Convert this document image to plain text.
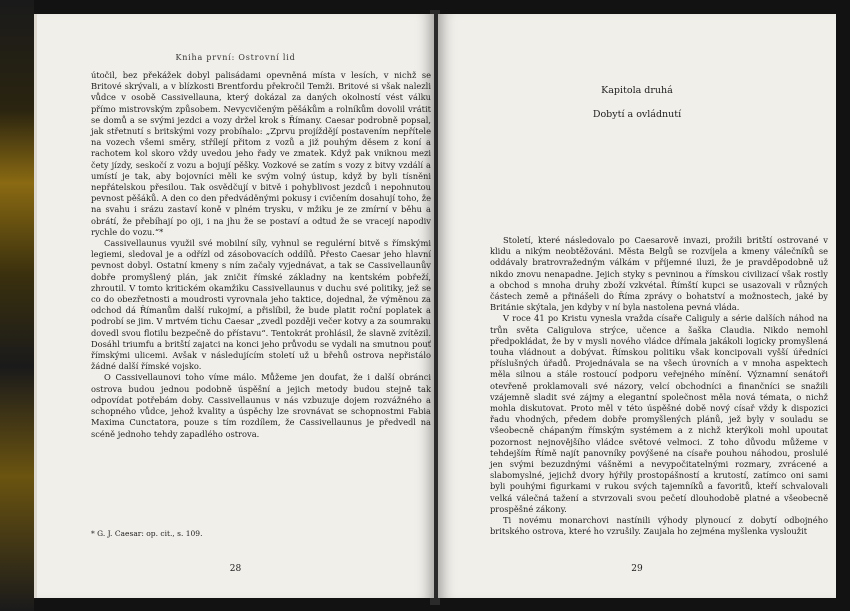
Kniha první: Ostrovní lid

útočil, bez překážek dobyl palisádami opevněná místa v lesích, v nichž se Britové skrývali, a v blízkosti Brentfordu překročil Temži. Britové si však nalezli vůdce v osobě Cassivellauna, který dokázal za daných okolností vést válku přímo mistrovským způsobem. Nevycvičeným pěšákům a rolníkům dovolil vrátit se domů a se svými jezdci a vozy držel krok s Římany. Caesar podrobně popsal, jak střetnutí s britskými vozy probíhalo: „Zprvu projíždějí postavením nepřítele na vozech všemi směry, střílejí přitom z vozů a již pouhým děsem z koní a rachotem kol skoro vždy uvedou jeho řady ve zmatek. Když pak vniknou mezi čety jízdy, seskočí z vozu a bojují pěšky. Vozkové se zatím s vozy z bitvy vzdálí a umístí je tak, aby bojovníci měli ke svým volný ústup, když by byli tísněni nepřátelskou přesilou. Tak osvědčují v bitvě i pohyblivost jezdců i nepohnutou pevnost pěšáků. A den co den předváděnými pokusy i cvičením dosahují toho, že na svahu i srázu zastaví koně v plném trysku, v mžiku je ze zmírní v běhu a obrátí, že přebíhají po oji, i na jhu že se postaví a odtud že se vracejí napodiv rychle do vozu.“*

Cassivellaunus využil své mobilní síly, vyhnul se regulérní bitvě s římskými legiemi, sledoval je a odřízl od zásobovacích oddílů. Přesto Caesar jeho hlavní pevnost dobyl. Ostatní kmeny s ním začaly vyjednávat, a tak se Cassivellaunův dobře promyšlený plán, jak zničit římské základny na kentském pobřeží, zhroutil. V tomto kritickém okamžiku Cassivellaunus v duchu své politiky, jež se co do obezřetnosti a moudrosti vyrovnala jeho taktice, dojednal, že výměnou za odchod dá Římanům další rukojmí, a přislíbil, že bude platit roční poplatek a podrobí se jim. V mrtvém tichu Caesar „zvedl později večer kotvy a za soumraku dovedl svou flotilu bezpečně do přístavu“. Tentokrát prohlásil, že slavně zvítězil. Dosáhl triumfu a britští zajatci na konci jeho průvodu se vydali na smutnou pouť římskými ulicemi. Avšak v následujícím století už u břehů ostrova nepřistálo žádné další římské vojsko.

O Cassivellaunovi toho víme málo. Můžeme jen doufat, že i další obránci ostrova budou jednou podobně úspěšní a jejich metody budou stejně tak odpovídat potřebám doby. Cassivellaunus v nás vzbuzuje dojem rozvážného a schopného vůdce, jehož kvality a úspěchy lze srovnávat se schopnostmi Fabia Maxima Cunctatora, pouze s tím rozdílem, že Cassivellaunus je předvedl na scéně jednoho tehdy zapadlého ostrova.

* G. J. Caesar: op. cit., s. 109.
28
Kapitola druhá
Dobytí a ovládnutí

Století, které následovalo po Caesarově invazi, prožili britští ostrované v klidu a nikým neobtěžováni. Města Belgů se rozvíjela a kmeny válečníků se oddávaly bratrovražedným válkám v příjemné iluzi, že je pravděpodobně už nikdo znovu nenapadne. Jejich styky s pevninou a římskou civilizací však rostly a obchod s mnoha druhy zboží vzkvétal. Římští kupci se usazovali v různých částech země a přinášeli do Říma zprávy o bohatství a možnostech, jaké by Británie skýtala, jen kdyby v ní byla nastolena pevná vláda.

V roce 41 po Kristu vynesla vražda císaře Caliguly a série dalších náhod na trůn světa Caligulova strýce, učence a šaška Claudia. Nikdo nemohl předpokládat, že by v mysli nového vládce dřímala jakákoli logicky promyšlená touha vládnout a dobývat. Římskou politiku však koncipovali vyšší úředníci příslušných úřadů. Projednávala se na všech úrovních a v mnoha aspektech měla silnou a stále rostoucí podporu veřejného mínění. Významní senátoři otevřeně proklamovali své názory, velcí obchodníci a finančníci se snažili vzájemně sladit své zájmy a elegantní společnost měla nová témata, o nichž mohla diskutovat. Proto měl v této úspěšné době nový císař vždy k dispozici řadu vhodných, předem dobře promyšlených plánů, jež byly v souladu se všeobecně chápaným římským systémem a z nichž kterýkoli mohl upoutat pozornost nejnovějšího vládce světové velmoci. Z toho důvodu můžeme v tehdejším Římě najít panovníky povýšené na císaře pouhou náhodou, proslulé jen svými bezuzdnými vášněmi a nevypočitatelnými rozmary, zvrácené a slabomyslné, jejichž dvory hýřily prostopášností a krutostí, zatímco oni sami byli pouhými figurkami v rukou svých tajemníků a favoritů, kteří schvalovali velká válečná tažení a stvrzovali svou pečetí dlouhodobě platné a všeobecně prospěšné zákony.

Ti novému monarchovi nastínili výhody plynoucí z dobytí odbojného britského ostrova, které ho vzrušily. Zaujala ho zejména myšlenka vysloužit

29
